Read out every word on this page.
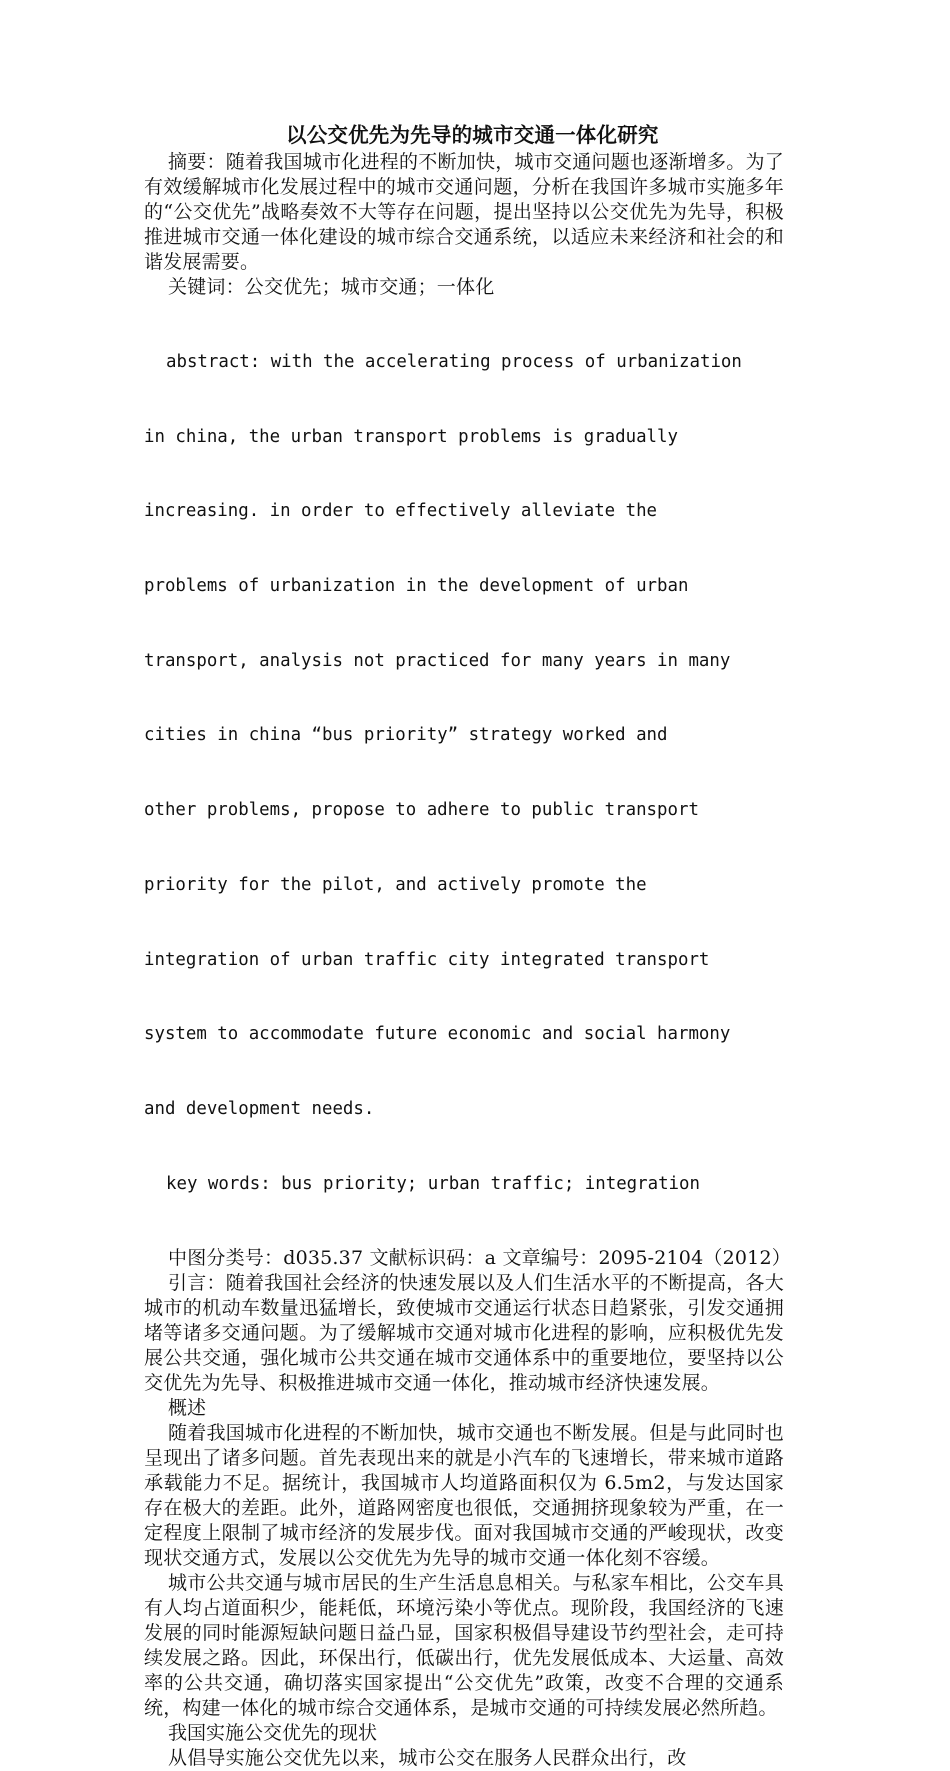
以公交优先为先导的城市交通一体化研究

摘要：随着我国城市化进程的不断加快，城市交通问题也逐渐增多。为了有效缓解城市化发展过程中的城市交通问题，分析在我国许多城市实施多年的“公交优先”战略奏效不大等存在问题，提出坚持以公交优先为先导，积极推进城市交通一体化建设的城市综合交通系统，以适应未来经济和社会的和谐发展需要。

关键词：公交优先；城市交通；一体化

abstract: with the accelerating process of urbanization

in china, the urban transport problems is gradually

increasing. in order to effectively alleviate the

problems of urbanization in the development of urban

transport, analysis not practiced for many years in many

cities in china “bus priority” strategy worked and

other problems, propose to adhere to public transport

priority for the pilot, and actively promote the

integration of urban traffic city integrated transport

system to accommodate future economic and social harmony

and development needs.

key words: bus priority; urban traffic; integration

中图分类号：d035.37 文献标识码：a 文章编号：2095-2104（2012）

引言：随着我国社会经济的快速发展以及人们生活水平的不断提高，各大城市的机动车数量迅猛增长，致使城市交通运行状态日趋紧张，引发交通拥堵等诸多交通问题。为了缓解城市交通对城市化进程的影响，应积极优先发展公共交通，强化城市公共交通在城市交通体系中的重要地位，要坚持以公交优先为先导、积极推进城市交通一体化，推动城市经济快速发展。

概述

随着我国城市化进程的不断加快，城市交通也不断发展。但是与此同时也呈现出了诸多问题。首先表现出来的就是小汽车的飞速增长，带来城市道路承载能力不足。据统计，我国城市人均道路面积仅为 6.5m2，与发达国家存在极大的差距。此外，道路网密度也很低，交通拥挤现象较为严重，在一定程度上限制了城市经济的发展步伐。面对我国城市交通的严峻现状，改变现状交通方式，发展以公交优先为先导的城市交通一体化刻不容缓。

城市公共交通与城市居民的生产生活息息相关。与私家车相比，公交车具有人均占道面积少，能耗低，环境污染小等优点。现阶段，我国经济的飞速发展的同时能源短缺问题日益凸显，国家积极倡导建设节约型社会，走可持续发展之路。因此，环保出行，低碳出行，优先发展低成本、大运量、高效率的公共交通，确切落实国家提出“公交优先”政策，改变不合理的交通系统，构建一体化的城市综合交通体系，是城市交通的可持续发展必然所趋。

我国实施公交优先的现状

从倡导实施公交优先以来，城市公交在服务人民群众出行，改
